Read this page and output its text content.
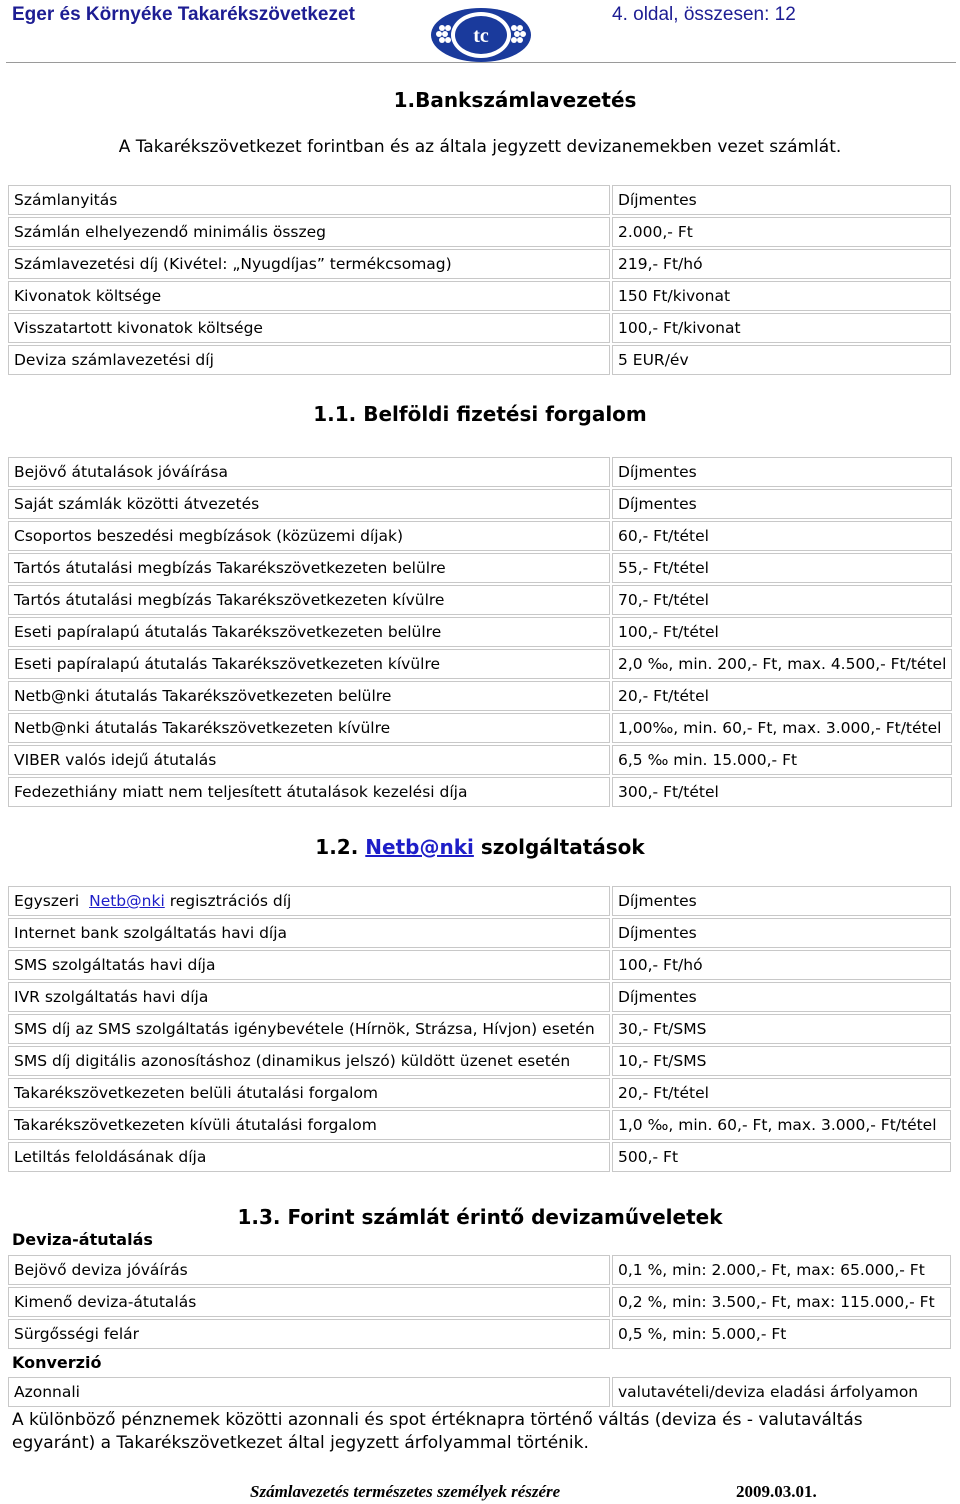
Eger és Környéke Takarékszövetkezet
tc
4. oldal, összesen: 12
1.Bankszámlavezetés
A Takarékszövetkezet forintban és az általa jegyzett devizanemekben vezet számlát.
Számlanyitás	Díjmentes
Számlán elhelyezendő minimális összeg	2.000,- Ft
Számlavezetési díj (Kivétel: „Nyugdíjas” termékcsomag)	219,- Ft/hó
Kivonatok költsége	150 Ft/kivonat
Visszatartott kivonatok költsége	100,- Ft/kivonat
Deviza számlavezetési díj	5 EUR/év
1.1. Belföldi fizetési forgalom
Bejövő átutalások jóváírása	Díjmentes
Saját számlák közötti átvezetés	Díjmentes
Csoportos beszedési megbízások (közüzemi díjak)	60,- Ft/tétel
Tartós átutalási megbízás Takarékszövetkezeten belülre	55,- Ft/tétel
Tartós átutalási megbízás Takarékszövetkezeten kívülre	70,- Ft/tétel
Eseti papíralapú átutalás Takarékszövetkezeten belülre	100,- Ft/tétel
Eseti papíralapú átutalás Takarékszövetkezeten kívülre	2,0 ‰, min. 200,- Ft, max. 4.500,- Ft/tétel
Netb@nki átutalás Takarékszövetkezeten belülre	20,- Ft/tétel
Netb@nki átutalás Takarékszövetkezeten kívülre	1,00‰, min. 60,- Ft, max. 3.000,- Ft/tétel
VIBER valós idejű átutalás	6,5 ‰ min. 15.000,- Ft
Fedezethiány miatt nem teljesített átutalások kezelési díja	300,- Ft/tétel
1.2. Netb@nki szolgáltatások
Egyszeri Netb@nki regisztrációs díj	Díjmentes
Internet bank szolgáltatás havi díja	Díjmentes
SMS szolgáltatás havi díja	100,- Ft/hó
IVR szolgáltatás havi díja	Díjmentes
SMS díj az SMS szolgáltatás igénybevétele (Hírnök, Strázsa, Hívjon) esetén	30,- Ft/SMS
SMS díj digitális azonosításhoz (dinamikus jelszó) küldött üzenet esetén	10,- Ft/SMS
Takarékszövetkezeten belüli átutalási forgalom	20,- Ft/tétel
Takarékszövetkezeten kívüli átutalási forgalom	1,0 ‰, min. 60,- Ft, max. 3.000,- Ft/tétel
Letiltás feloldásának díja	500,- Ft
1.3. Forint számlát érintő devizaműveletek
Deviza-átutalás
Bejövő deviza jóváírás	0,1 %, min: 2.000,- Ft, max: 65.000,- Ft
Kimenő deviza-átutalás	0,2 %, min: 3.500,- Ft, max: 115.000,- Ft
Sürgősségi felár	0,5 %, min: 5.000,- Ft
Konverzió
Azonnali	valutavételi/deviza eladási árfolyamon
A különböző pénznemek közötti azonnali és spot értéknapra történő váltás (deviza és - valutaváltás egyaránt) a Takarékszövetkezet által jegyzett árfolyammal történik.
Számlavezetés természetes személyek részére	2009.03.01.
